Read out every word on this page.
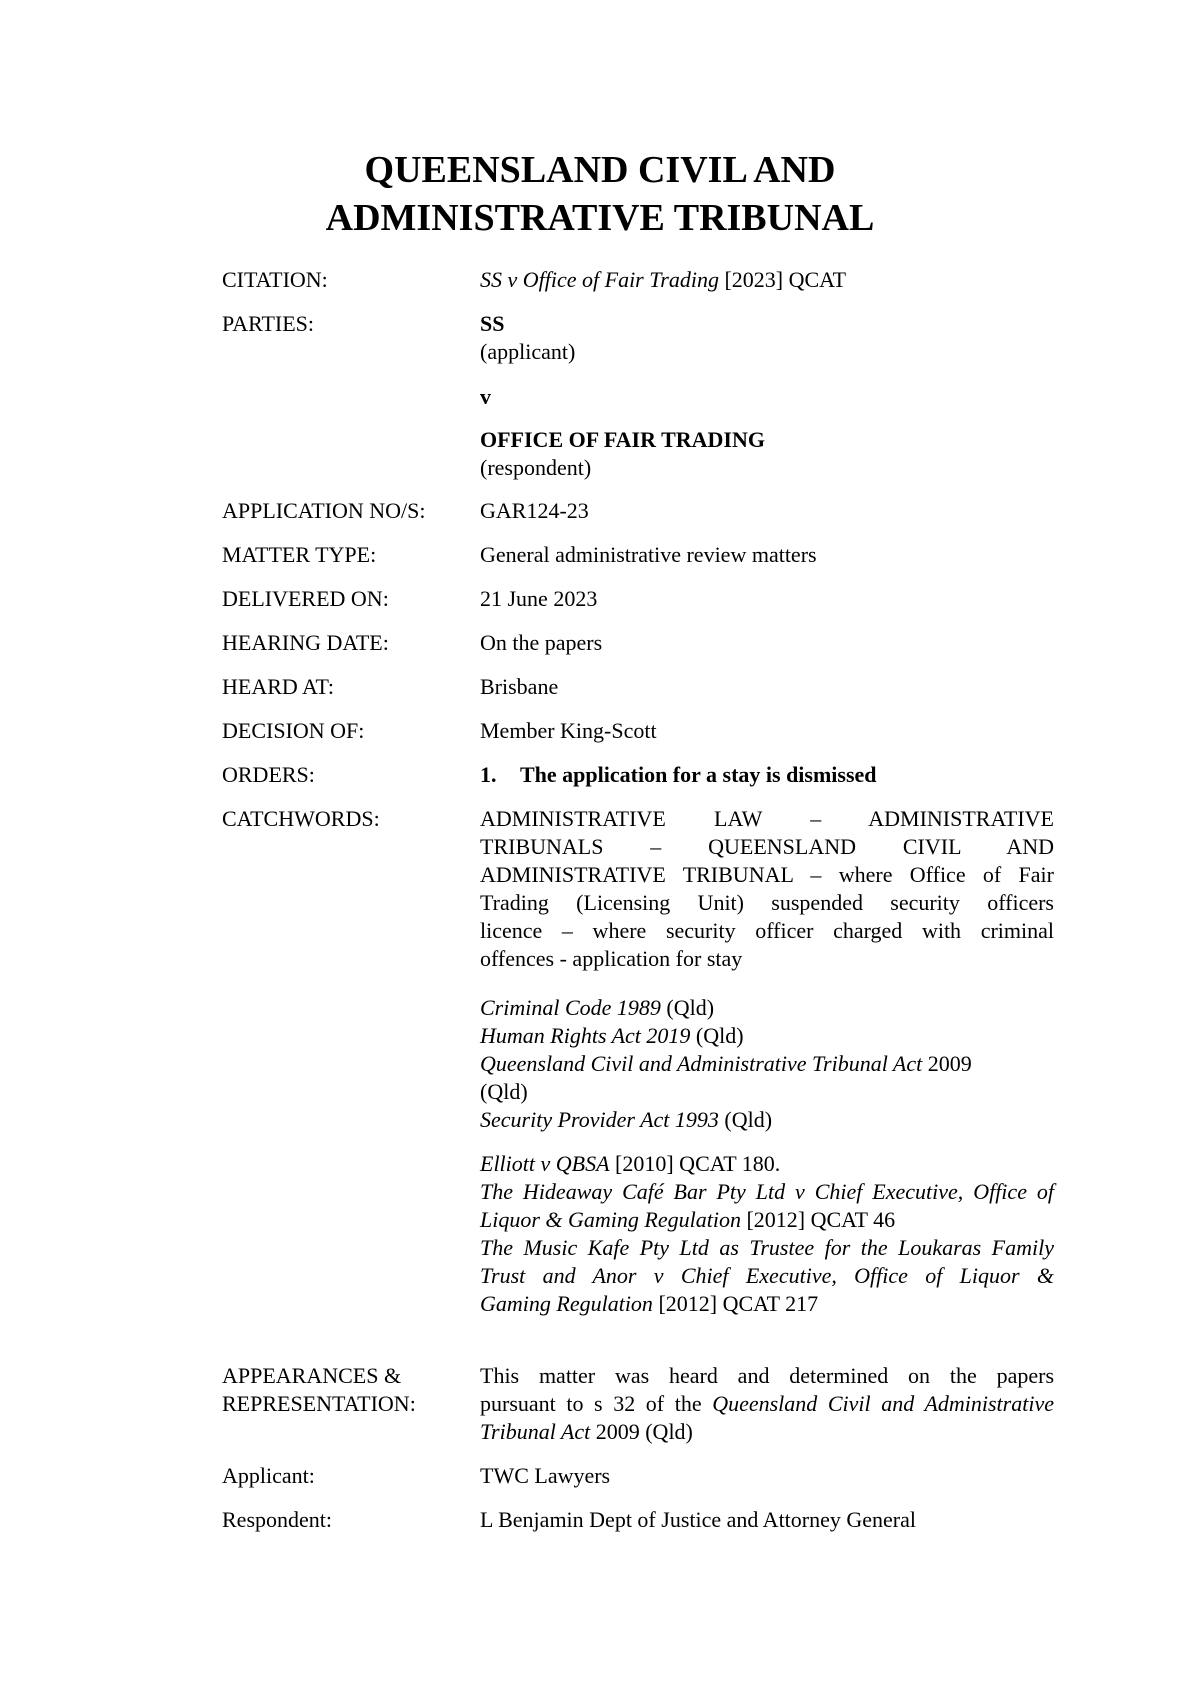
QUEENSLAND CIVIL AND
ADMINISTRATIVE TRIBUNAL
CITATION:	SS v Office of Fair Trading [2023] QCAT
PARTIES:	SS
(applicant)
v
OFFICE OF FAIR TRADING
(respondent)
APPLICATION NO/S: GAR124-23
MATTER TYPE:	General administrative review matters
DELIVERED ON:	21 June 2023
HEARING DATE:	On the papers
HEARD AT:	Brisbane
DECISION OF:	Member King-Scott
ORDERS:	1. The application for a stay is dismissed
CATCHWORDS:	ADMINISTRATIVE LAW – ADMINISTRATIVE
TRIBUNALS – QUEENSLAND CIVIL AND
ADMINISTRATIVE TRIBUNAL – where Office of Fair
Trading (Licensing Unit) suspended security officers
licence – where security officer charged with criminal
offences - application for stay
Criminal Code 1989 (Qld)
Human Rights Act 2019 (Qld)
Queensland Civil and Administrative Tribunal Act 2009
(Qld)
Security Provider Act 1993 (Qld)
Elliott v QBSA [2010] QCAT 180.
The Hideaway Café Bar Pty Ltd v Chief Executive, Office of
Liquor & Gaming Regulation [2012] QCAT 46
The Music Kafe Pty Ltd as Trustee for the Loukaras Family
Trust and Anor v Chief Executive, Office of Liquor &
Gaming Regulation [2012] QCAT 217
APPEARANCES &
REPRESENTATION:
This matter was heard and determined on the papers
pursuant to s 32 of the Queensland Civil and Administrative
Tribunal Act 2009 (Qld)
Applicant:	TWC Lawyers
Respondent:	L Benjamin Dept of Justice and Attorney General
